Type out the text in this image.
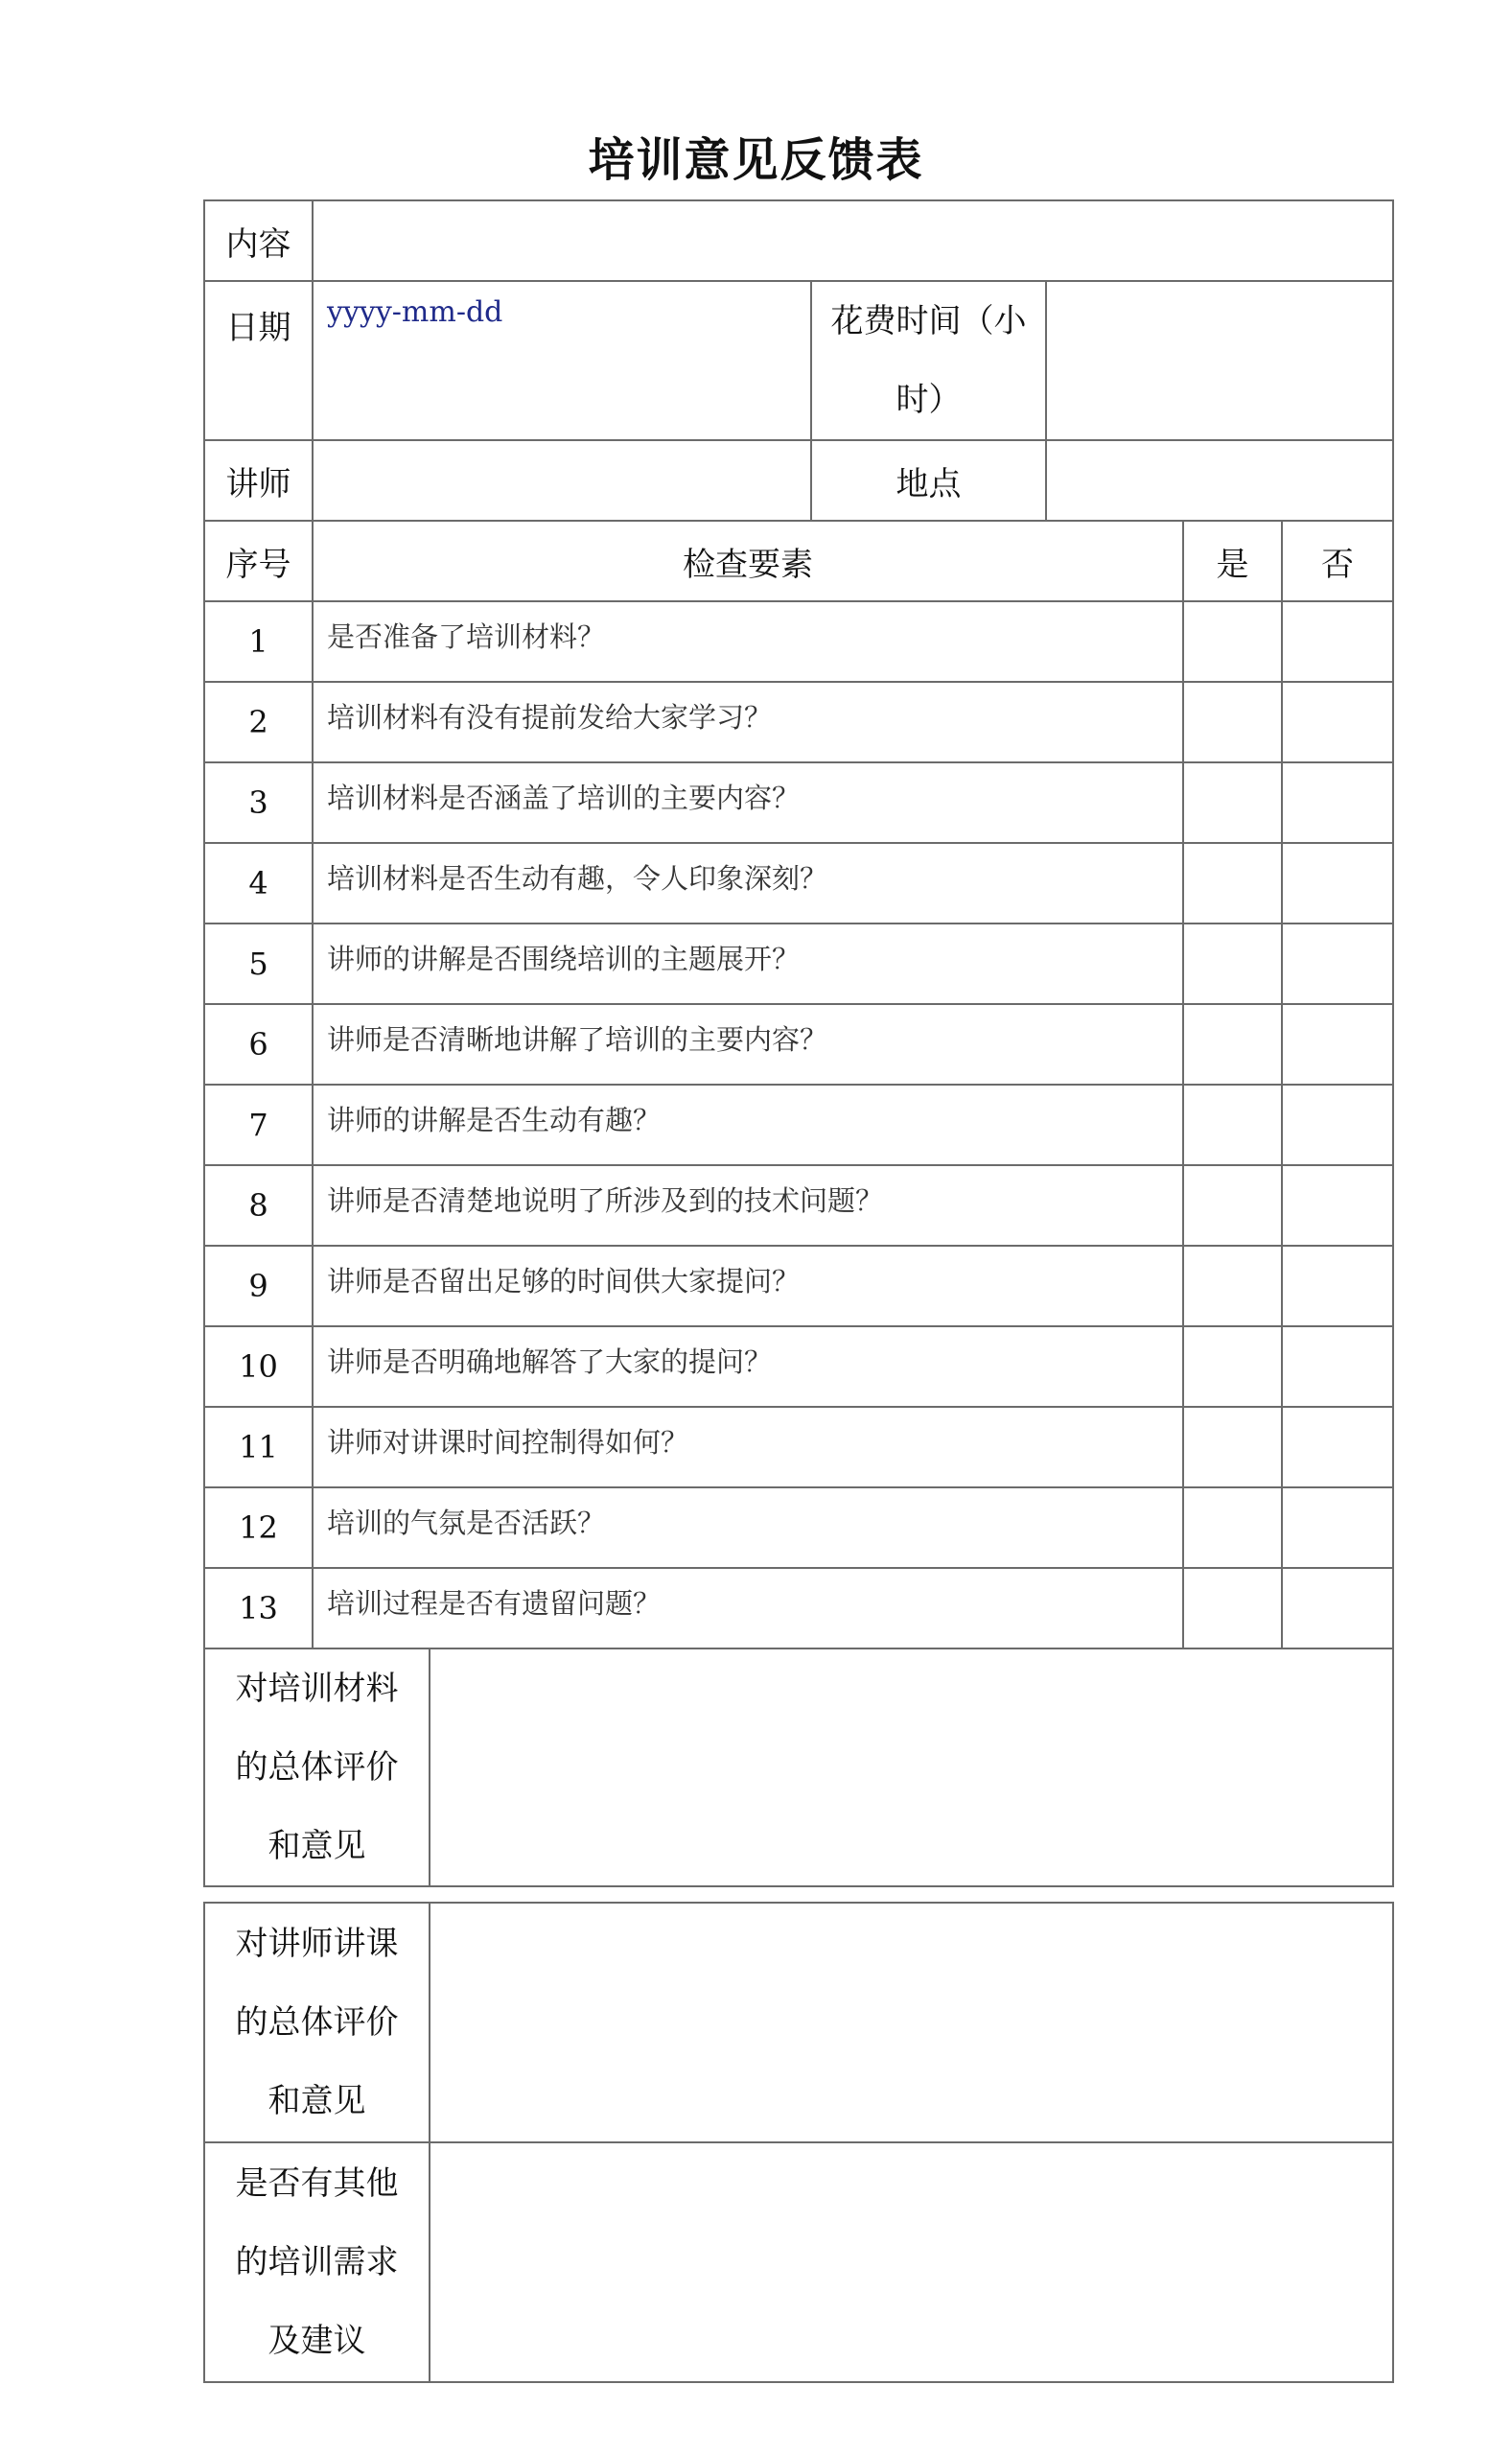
培训意见反馈表
内容						
日期	yyyy-mm-dd		花费时间（小时）			
讲师			地点			
序号	检查要素				是	否
1	是否准备了培训材料？					
2	培训材料有没有提前发给大家学习？					
3	培训材料是否涵盖了培训的主要内容？					
4	培训材料是否生动有趣，令人印象深刻？					
5	讲师的讲解是否围绕培训的主题展开？					
6	讲师是否清晰地讲解了培训的主要内容？					
7	讲师的讲解是否生动有趣？					
8	讲师是否清楚地说明了所涉及到的技术问题？					
9	讲师是否留出足够的时间供大家提问？					
10	讲师是否明确地解答了大家的提问？					
11	讲师对讲课时间控制得如何？					
12	培训的气氛是否活跃？					
13	培训过程是否有遗留问题？					

对培训材料
的总体评价
和意见						

对讲师讲课
的总体评价
和意见	

是否有其他
的培训需求
及建议	
